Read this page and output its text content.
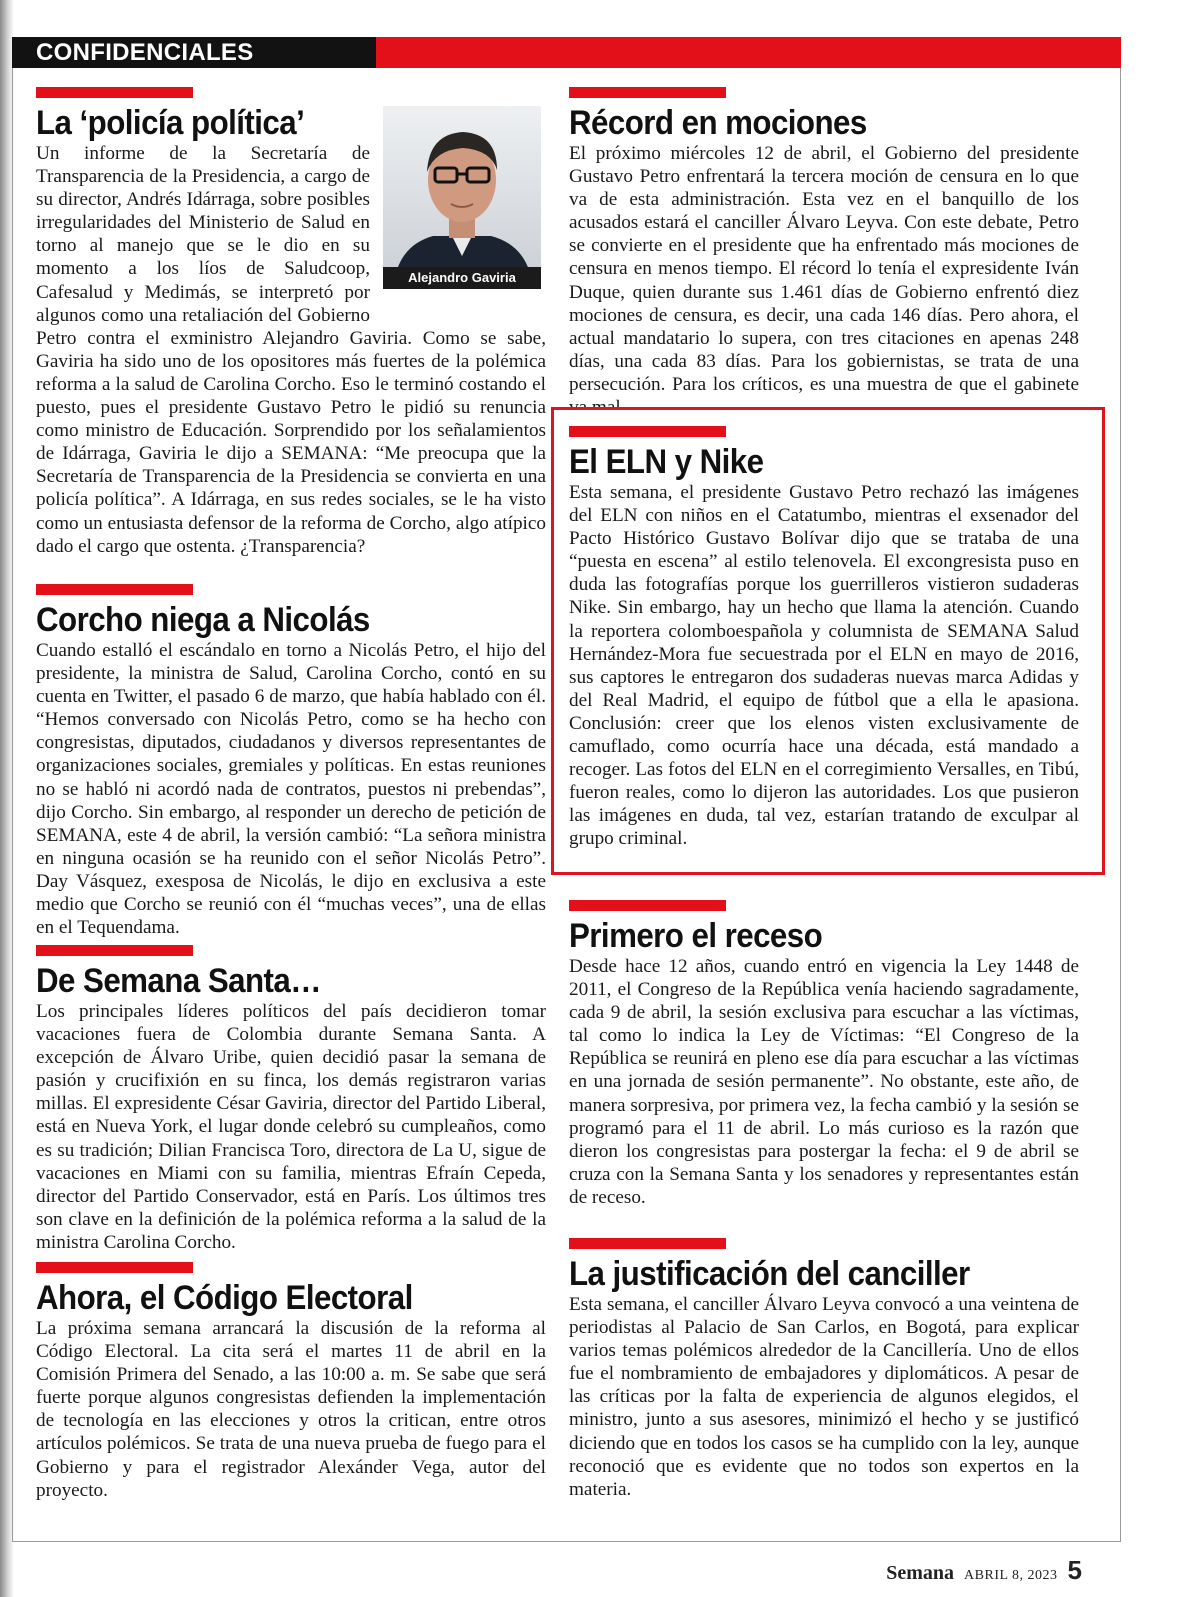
CONFIDENCIALES
La ‘policía política’

Un informe de la Secretaría de Transparencia de la Presidencia, a cargo de su director, Andrés Idárraga, sobre posibles irregularidades del Ministerio de Salud en torno al manejo que se le dio en su momento a los líos de Saludcoop, Cafesalud y Medimás, se interpretó por algunos como una retaliación del Gobierno Petro contra el exministro Alejandro Gaviria. Como se sabe, Gaviria ha sido uno de los opositores más fuertes de la polémica reforma a la salud de Carolina Corcho. Eso le terminó costando el puesto, pues el presidente Gustavo Petro le pidió su renuncia como ministro de Educación. Sorprendido por los señalamientos de Idárraga, Gaviria le dijo a SEMANA: “Me preocupa que la Secretaría de Transparencia de la Presidencia se convierta en una policía política”. A Idárraga, en sus redes sociales, se le ha visto como un entusiasta defensor de la reforma de Corcho, algo atípico dado el cargo que ostenta. ¿Transparencia?

Alejandro Gaviria
Corcho niega a Nicolás

Cuando estalló el escándalo en torno a Nicolás Petro, el hijo del presidente, la ministra de Salud, Carolina Corcho, contó en su cuenta en Twitter, el pasado 6 de marzo, que había hablado con él. “Hemos conversado con Nicolás Petro, como se ha hecho con congresistas, diputados, ciudadanos y diversos representantes de organizaciones sociales, gremiales y políticas. En estas reuniones no se habló ni acordó nada de contratos, puestos ni prebendas”, dijo Corcho. Sin embargo, al responder un derecho de petición de SEMANA, este 4 de abril, la versión cambió: “La señora ministra en ninguna ocasión se ha reunido con el señor Nicolás Petro”. Day Vásquez, exesposa de Nicolás, le dijo en exclusiva a este medio que Corcho se reunió con él “muchas veces”, una de ellas en el Tequendama.

De Semana Santa…

Los principales líderes políticos del país decidieron tomar vacaciones fuera de Colombia durante Semana Santa. A excepción de Álvaro Uribe, quien decidió pasar la semana de pasión y crucifixión en su finca, los demás registraron varias millas. El expresidente César Gaviria, director del Partido Liberal, está en Nueva York, el lugar donde celebró su cumpleaños, como es su tradición; Dilian Francisca Toro, directora de La U, sigue de vacaciones en Miami con su familia, mientras Efraín Cepeda, director del Partido Conservador, está en París. Los últimos tres son clave en la definición de la polémica reforma a la salud de la ministra Carolina Corcho.

Ahora, el Código Electoral

La próxima semana arrancará la discusión de la reforma al Código Electoral. La cita será el martes 11 de abril en la Comisión Primera del Senado, a las 10:00 a. m. Se sabe que será fuerte porque algunos congresistas defienden la implementación de tecnología en las elecciones y otros la critican, entre otros artículos polémicos. Se trata de una nueva prueba de fuego para el Gobierno y para el registrador Alexánder Vega, autor del proyecto.

Récord en mociones

El próximo miércoles 12 de abril, el Gobierno del presidente Gustavo Petro enfrentará la tercera moción de censura en lo que va de esta administración. Esta vez en el banquillo de los acusados estará el canciller Álvaro Leyva. Con este debate, Petro se convierte en el presidente que ha enfrentado más mociones de censura en menos tiempo. El récord lo tenía el expresidente Iván Duque, quien durante sus 1.461 días de Gobierno enfrentó diez mociones de censura, es decir, una cada 146 días. Pero ahora, el actual mandatario lo supera, con tres citaciones en apenas 248 días, una cada 83 días. Para los gobiernistas, se trata de una persecución. Para los críticos, es una muestra de que el gabinete

El ELN y Nike

Esta semana, el presidente Gustavo Petro rechazó las imágenes del ELN con niños en el Catatumbo, mientras el exsenador del Pacto Histórico Gustavo Bolívar dijo que se trataba de una “puesta en escena” al estilo telenovela. El excongresista puso en duda las fotografías porque los guerrilleros vistieron sudaderas Nike. Sin embargo, hay un hecho que llama la atención. Cuando la reportera colomboespañola y columnista de SEMANA Salud Hernández-Mora fue secuestrada por el ELN en mayo de 2016, sus captores le entregaron dos sudaderas nuevas marca Adidas y del Real Madrid, el equipo de fútbol que a ella le apasiona. Conclusión: creer que los elenos visten exclusivamente de camuflado, como ocurría hace una década, está mandado a recoger. Las fotos del ELN en el corregimiento Versalles, en Tibú, fueron reales, como lo dijeron las autoridades. Los que pusieron las imágenes en duda, tal vez, estarían tratando de exculpar al grupo criminal.

Primero el receso

Desde hace 12 años, cuando entró en vigencia la Ley 1448 de 2011, el Congreso de la República venía haciendo sagradamente, cada 9 de abril, la sesión exclusiva para escuchar a las víctimas, tal como lo indica la Ley de Víctimas: “El Congreso de la República se reunirá en pleno ese día para escuchar a las víctimas en una jornada de sesión permanente”. No obstante, este año, de manera sorpresiva, por primera vez, la fecha cambió y la sesión se programó para el 11 de abril. Lo más curioso es la razón que dieron los congresistas para postergar la fecha: el 9 de abril se cruza con la Semana Santa y los senadores y representantes están de receso.

La justificación del canciller

Esta semana, el canciller Álvaro Leyva convocó a una veintena de periodistas al Palacio de San Carlos, en Bogotá, para explicar varios temas polémicos alrededor de la Cancillería. Uno de ellos fue el nombramiento de embajadores y diplomáticos. A pesar de las críticas por la falta de experiencia de algunos elegidos, el ministro, junto a sus asesores, minimizó el hecho y se justificó diciendo que en todos los casos se ha cumplido con la ley, aunque reconoció que es evidente que no todos son expertos en la materia.

Semana ABRIL 8, 2023 5
